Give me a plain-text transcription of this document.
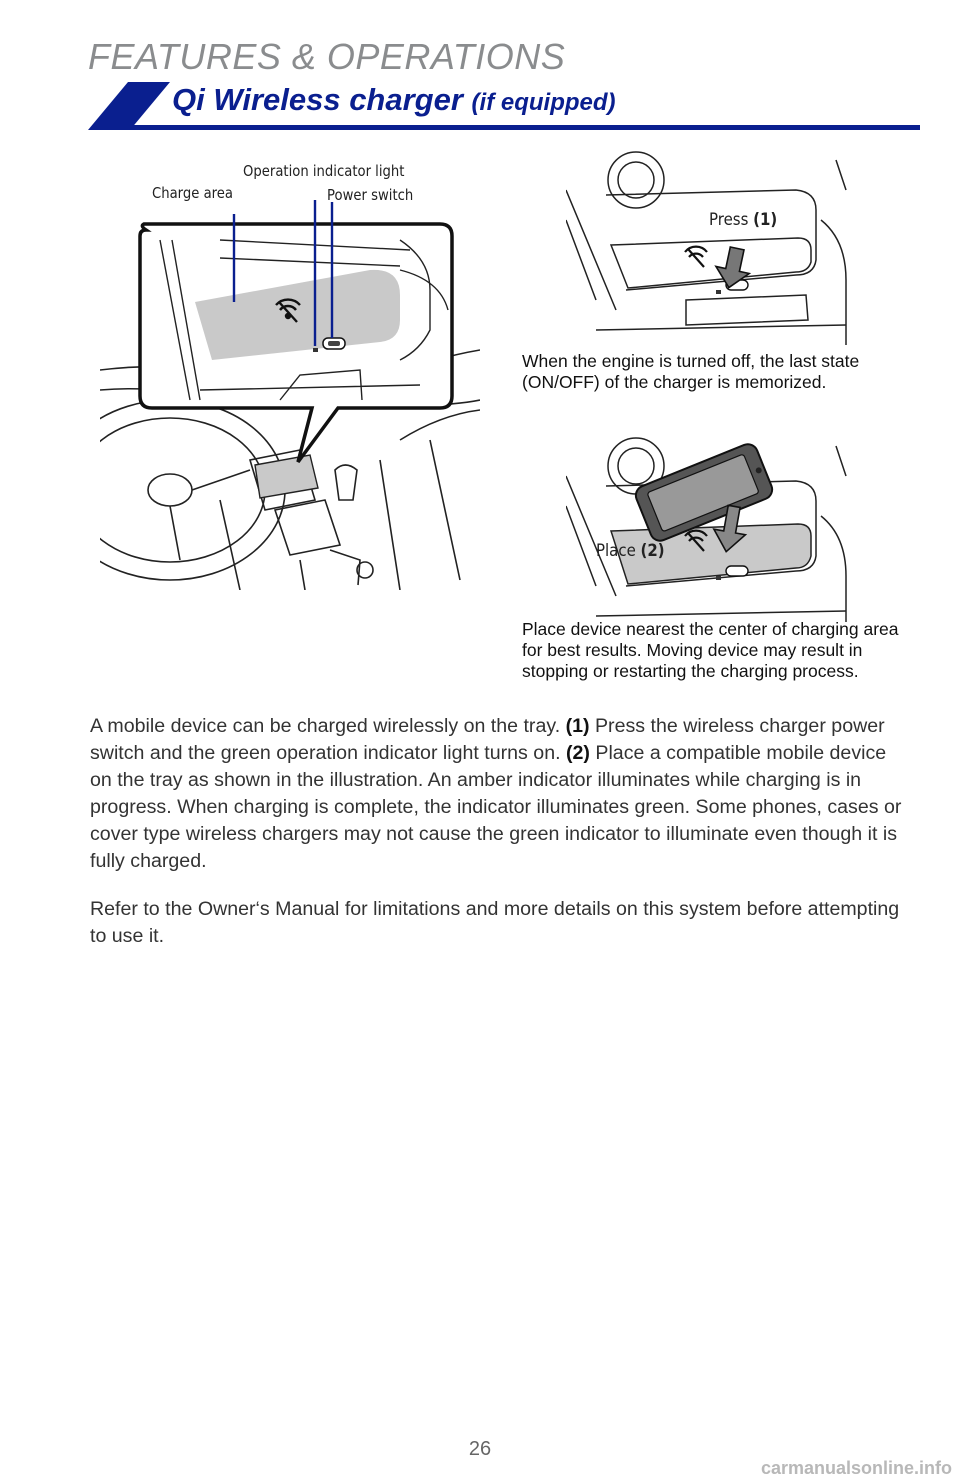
FEATURES & OPERATIONS
Qi Wireless charger (if equipped)
Operation indicator light
Charge area	Power switch
Press (1)

When the engine is turned off, the last state (ON/OFF) of the charger is memorized.

Place (2)

Place device nearest the center of charging area for best results. Moving device may result in stopping or restarting the charging process.

A mobile device can be charged wirelessly on the tray. (1) Press the wireless charger power switch and the green operation indicator light turns on. (2) Place a compatible mobile device on the tray as shown in the illustration. An amber indicator illuminates while charging is in progress. When charging is complete, the indicator illuminates green. Some phones, cases or cover type wireless chargers may not cause the green indicator to illuminate even though it is fully charged.

Refer to the Owner‘s Manual for limitations and more details on this system before attempting to use it.

26
carmanualsonline.info
